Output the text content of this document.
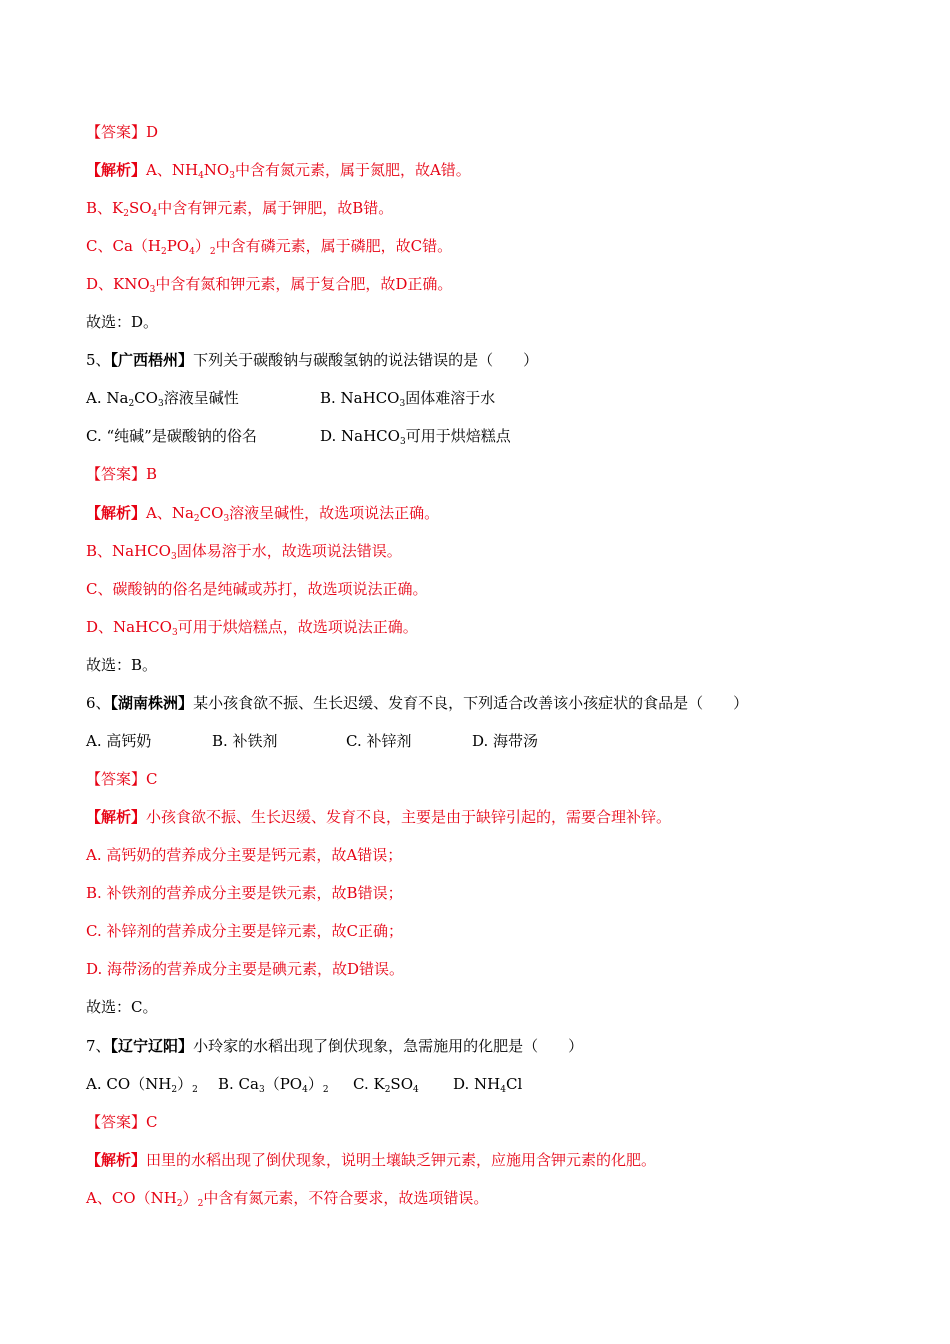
【答案】D
【解析】A、$NH_4NO_3$中含有氮元素，属于氮肥，故A错。
B、$K_2SO_4$中含有钾元素，属于钾肥，故B错。
C、$Ca(H_2PO_4)_2$中含有磷元素，属于磷肥，故C错。
D、$KNO_3$中含有氮和钾元素，属于复合肥，故D正确。
故选：D。
5、【广西梧州】下列关于碳酸钠与碳酸氢钠的说法错误的是（　　）
A. $Na_2CO_3$溶液呈碱性	B. NaHCO$_3$固体难溶于水
C. “纯碱”是碳酸钠的俗名	D. NaHCO$_3$可用于烘焙糕点
【答案】B
【解析】A、$Na_2CO_3$溶液呈碱性，故选项说法正确。
B、NaHCO$_3$固体易溶于水，故选项说法错误。
C、碳酸钠的俗名是纯碱或苏打，故选项说法正确。
D、NaHCO$_3$可用于烘焙糕点，故选项说法正确。
故选：B。
6、【湖南株洲】某小孩食欲不振、生长迟缓、发育不良，下列适合改善该小孩症状的食品是（　　）
A. 高钙奶	B. 补铁剂	C. 补锌剂	D. 海带汤
【答案】C
【解析】小孩食欲不振、生长迟缓、发育不良，主要是由于缺锌引起的，需要合理补锌。
A. 高钙奶的营养成分主要是钙元素，故A错误；
B. 补铁剂的营养成分主要是铁元素，故B错误；
C. 补锌剂的营养成分主要是锌元素，故C正确；
D. 海带汤的营养成分主要是碘元素，故D错误。
故选：C。
7、【辽宁辽阳】小玲家的水稻出现了倒伏现象，急需施用的化肥是（　　）
A. $CO(NH_2)_2$ B. $Ca_3(PO_4)_2$ C. $K_2SO_4$ D. $NH_4Cl$
【答案】C
【解析】田里的水稻出现了倒伏现象，说明土壤缺乏钾元素，应施用含钾元素的化肥。
A、$CO(NH_2)_2$中含有氮元素，不符合要求，故选项错误。
